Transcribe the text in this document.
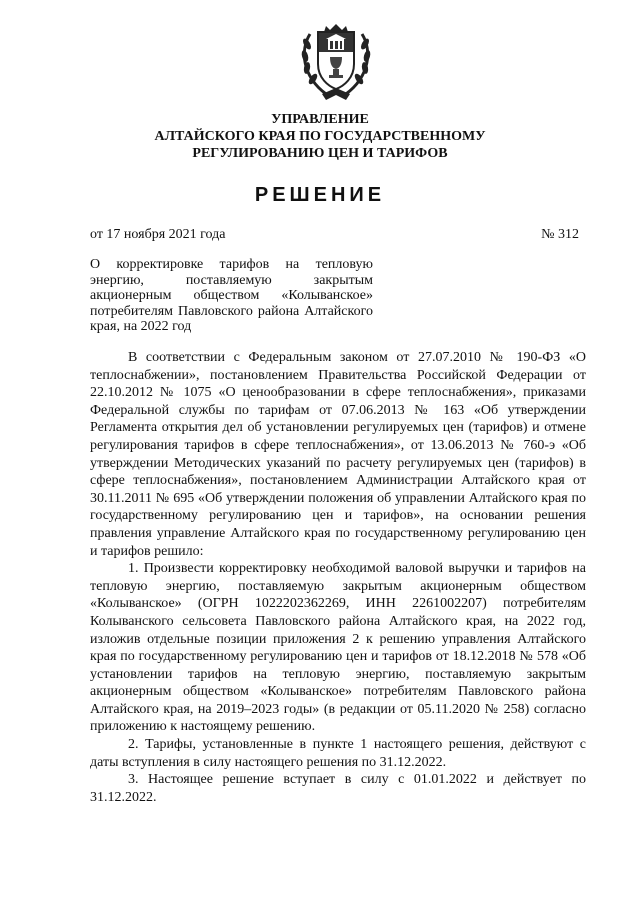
УПРАВЛЕНИЕ
АЛТАЙСКОГО КРАЯ ПО ГОСУДАРСТВЕННОМУ
РЕГУЛИРОВАНИЮ ЦЕН И ТАРИФОВ
РЕШЕНИЕ
от 17 ноября 2021 года	№ 312
О корректировке тарифов на тепловую энергию, поставляемую закрытым акционерным обществом «Колыванское» потребителям Павловского района Алтайского края, на 2022 год

В соответствии с Федеральным законом от 27.07.2010 № 190-ФЗ «О теплоснабжении», постановлением Правительства Российской Федерации от 22.10.2012 № 1075 «О ценообразовании в сфере теплоснабжения», приказами Федеральной службы по тарифам от 07.06.2013 № 163 «Об утверждении Регламента открытия дел об установлении регулируемых цен (тарифов) и отмене регулирования тарифов в сфере теплоснабжения», от 13.06.2013 № 760-э «Об утверждении Методических указаний по расчету регулируемых цен (тарифов) в сфере теплоснабжения», постановлением Администрации Алтайского края от 30.11.2011 № 695 «Об утверждении положения об управлении Алтайского края по государственному регулированию цен и тарифов», на основании решения правления управление Алтайского края по государственному регулированию цен и тарифов решило:

1. Произвести корректировку необходимой валовой выручки и тарифов на тепловую энергию, поставляемую закрытым акционерным обществом «Колыванское» (ОГРН 1022202362269, ИНН 2261002207) потребителям Колыванского сельсовета Павловского района Алтайского края, на 2022 год, изложив отдельные позиции приложения 2 к решению управления Алтайского края по государственному регулированию цен и тарифов от 18.12.2018 № 578 «Об установлении тарифов на тепловую энергию, поставляемую закрытым акционерным обществом «Колыванское» потребителям Павловского района Алтайского края, на 2019–2023 годы» (в редакции от 05.11.2020 № 258) согласно приложению к настоящему решению.

2. Тарифы, установленные в пункте 1 настоящего решения, действуют с даты вступления в силу настоящего решения по 31.12.2022.

3. Настоящее решение вступает в силу с 01.01.2022 и действует по 31.12.2022.
